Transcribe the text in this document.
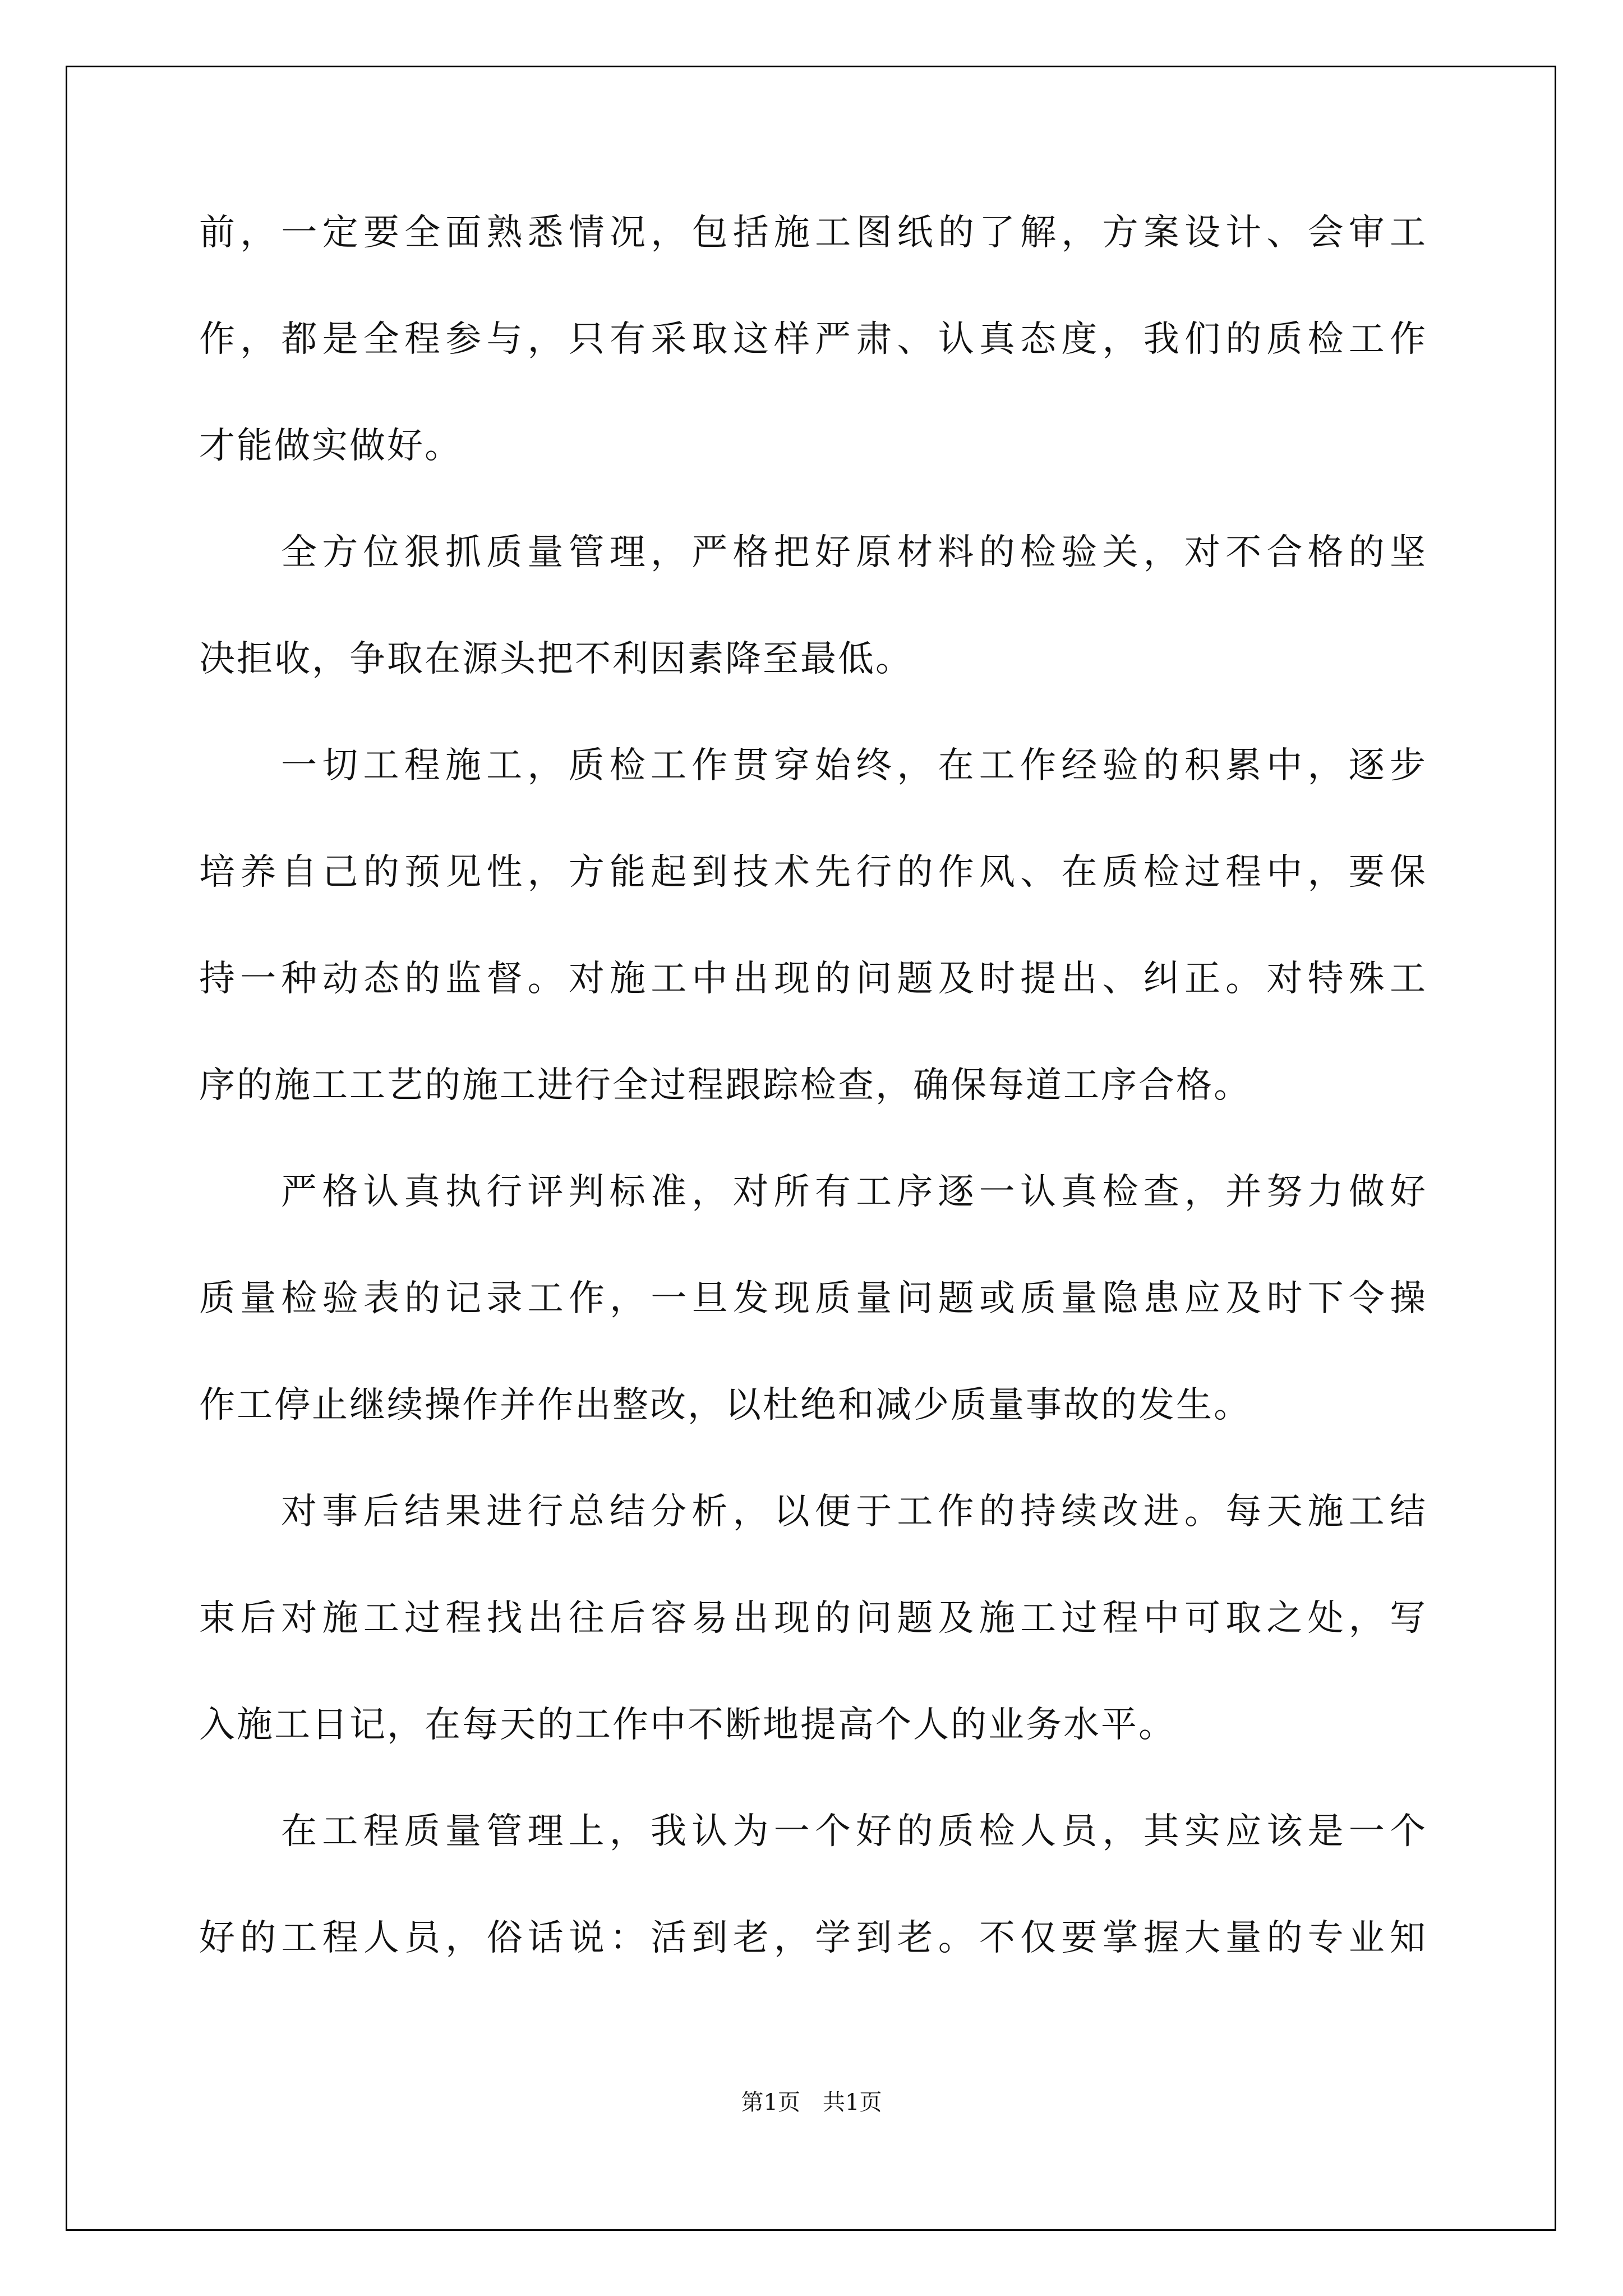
前，一定要全面熟悉情况，包括施工图纸的了解，方案设计、会审工
作，都是全程参与，只有采取这样严肃、认真态度，我们的质检工作
才能做实做好。
全方位狠抓质量管理，严格把好原材料的检验关，对不合格的坚
决拒收，争取在源头把不利因素降至最低。
一切工程施工，质检工作贯穿始终，在工作经验的积累中，逐步
培养自己的预见性，方能起到技术先行的作风、在质检过程中，要保
持一种动态的监督。对施工中出现的问题及时提出、纠正。对特殊工
序的施工工艺的施工进行全过程跟踪检查，确保每道工序合格。
严格认真执行评判标准，对所有工序逐一认真检查，并努力做好
质量检验表的记录工作，一旦发现质量问题或质量隐患应及时下令操
作工停止继续操作并作出整改，以杜绝和减少质量事故的发生。
对事后结果进行总结分析，以便于工作的持续改进。每天施工结
束后对施工过程找出往后容易出现的问题及施工过程中可取之处，写
入施工日记，在每天的工作中不断地提高个人的业务水平。
在工程质量管理上，我认为一个好的质检人员，其实应该是一个
好的工程人员，俗话说：活到老，学到老。不仅要掌握大量的专业知
第1页　共1页
